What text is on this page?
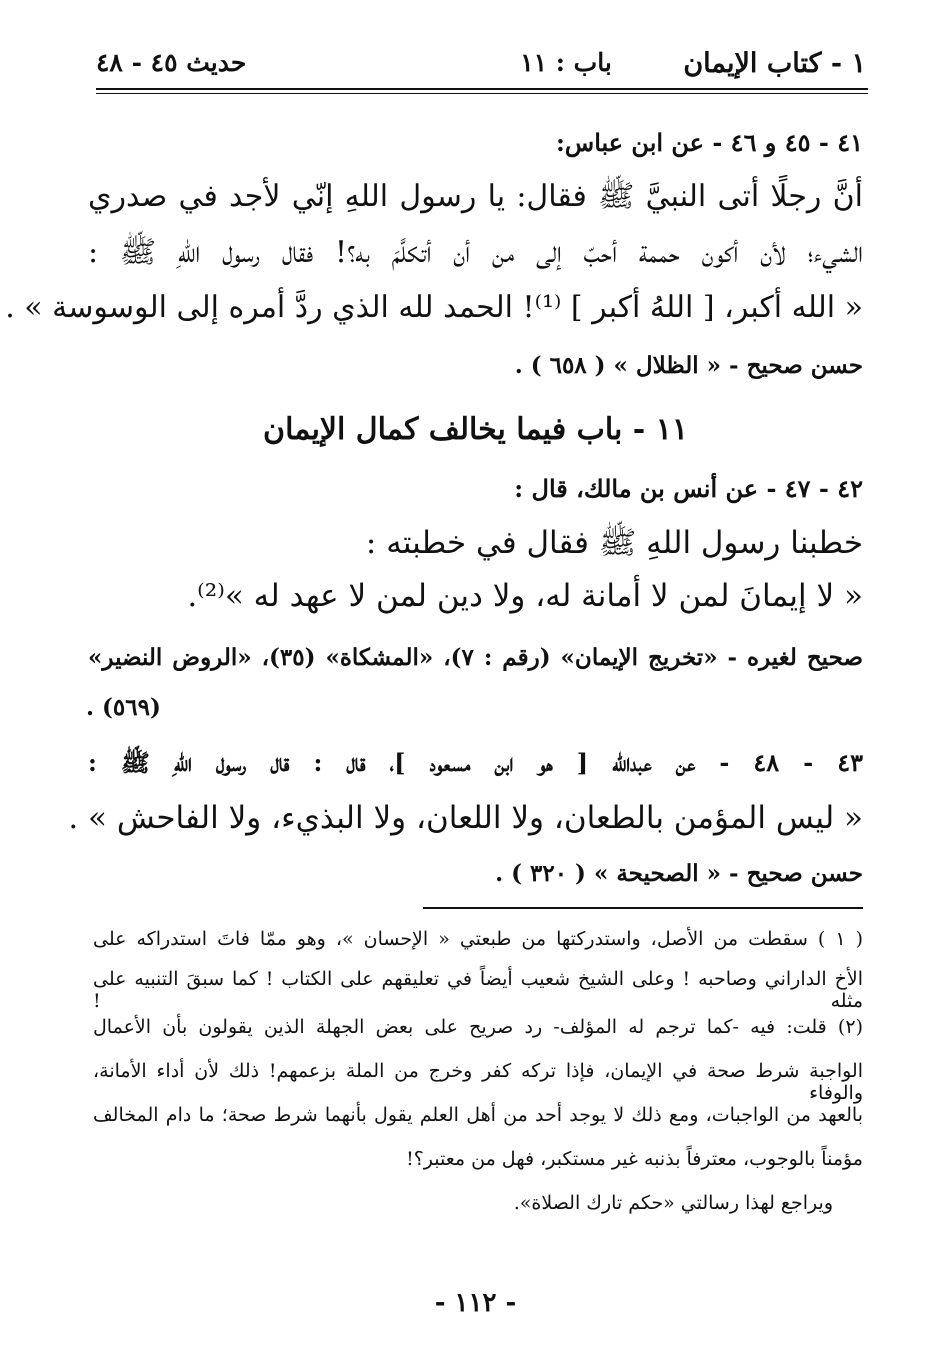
١ - كتاب الإيمان
باب : ١١
حديث ٤٥ - ٤٨
٤١ - ٤٥ و ٤٦ - عن ابن عباس:
أنَّ رجلًا أتى النبيَّ ﷺ فقال: يا رسول اللهِ إنّي لأجد في صدري
الشيء؛ لأن أكون حممة أحبّ إلى من أن أتكلَّمَ به؟! فقال رسول اللهِ ﷺ :
« الله أكبر، [ اللهُ أكبر ] ⁽¹⁾! الحمد لله الذي ردَّ أمره إلى الوسوسة » .
حسن صحيح - « الظلال » ( ٦٥٨ ) .
١١ - باب فيما يخالف كمال الإيمان
٤٢ - ٤٧ - عن أنس بن مالك، قال :
خطبنا رسول اللهِ ﷺ فقال في خطبته :
« لا إيمانَ لمن لا أمانة له، ولا دين لمن لا عهد له »⁽²⁾.
صحيح لغيره - «تخريج الإيمان» (رقم : ٧)، «المشكاة» (٣٥)، «الروض النضير»
(٥٦٩) .
٤٣ - ٤٨ - عن عبدالله [ هو ابن مسعود ]، قال : قال رسول اللهِ ﷺ :
« ليس المؤمن بالطعان، ولا اللعان، ولا البذيء، ولا الفاحش » .
حسن صحيح - « الصحيحة » ( ٣٢٠ ) .
( ١ ) سقطت من الأصل، واستدركتها من طبعتي « الإحسان »، وهو ممّا فاتَ استدراكه على
الأخ الداراني وصاحبه ! وعلى الشيخ شعيب أيضاً في تعليقهم على الكتاب ! كما سبقَ التنبيه على مثله !
(٢) قلت: فيه -كما ترجم له المؤلف- رد صريح على بعض الجهلة الذين يقولون بأن الأعمال
الواجبة شرط صحة في الإيمان، فإذا تركه كفر وخرج من الملة بزعمهم! ذلك لأن أداء الأمانة، والوفاء
بالعهد من الواجبات، ومع ذلك لا يوجد أحد من أهل العلم يقول بأنهما شرط صحة؛ ما دام المخالف
مؤمناً بالوجوب، معترفاً بذنبه غير مستكبر، فهل من معتبر؟!
ويراجع لهذا رسالتي «حكم تارك الصلاة».
- ١١٢ -
